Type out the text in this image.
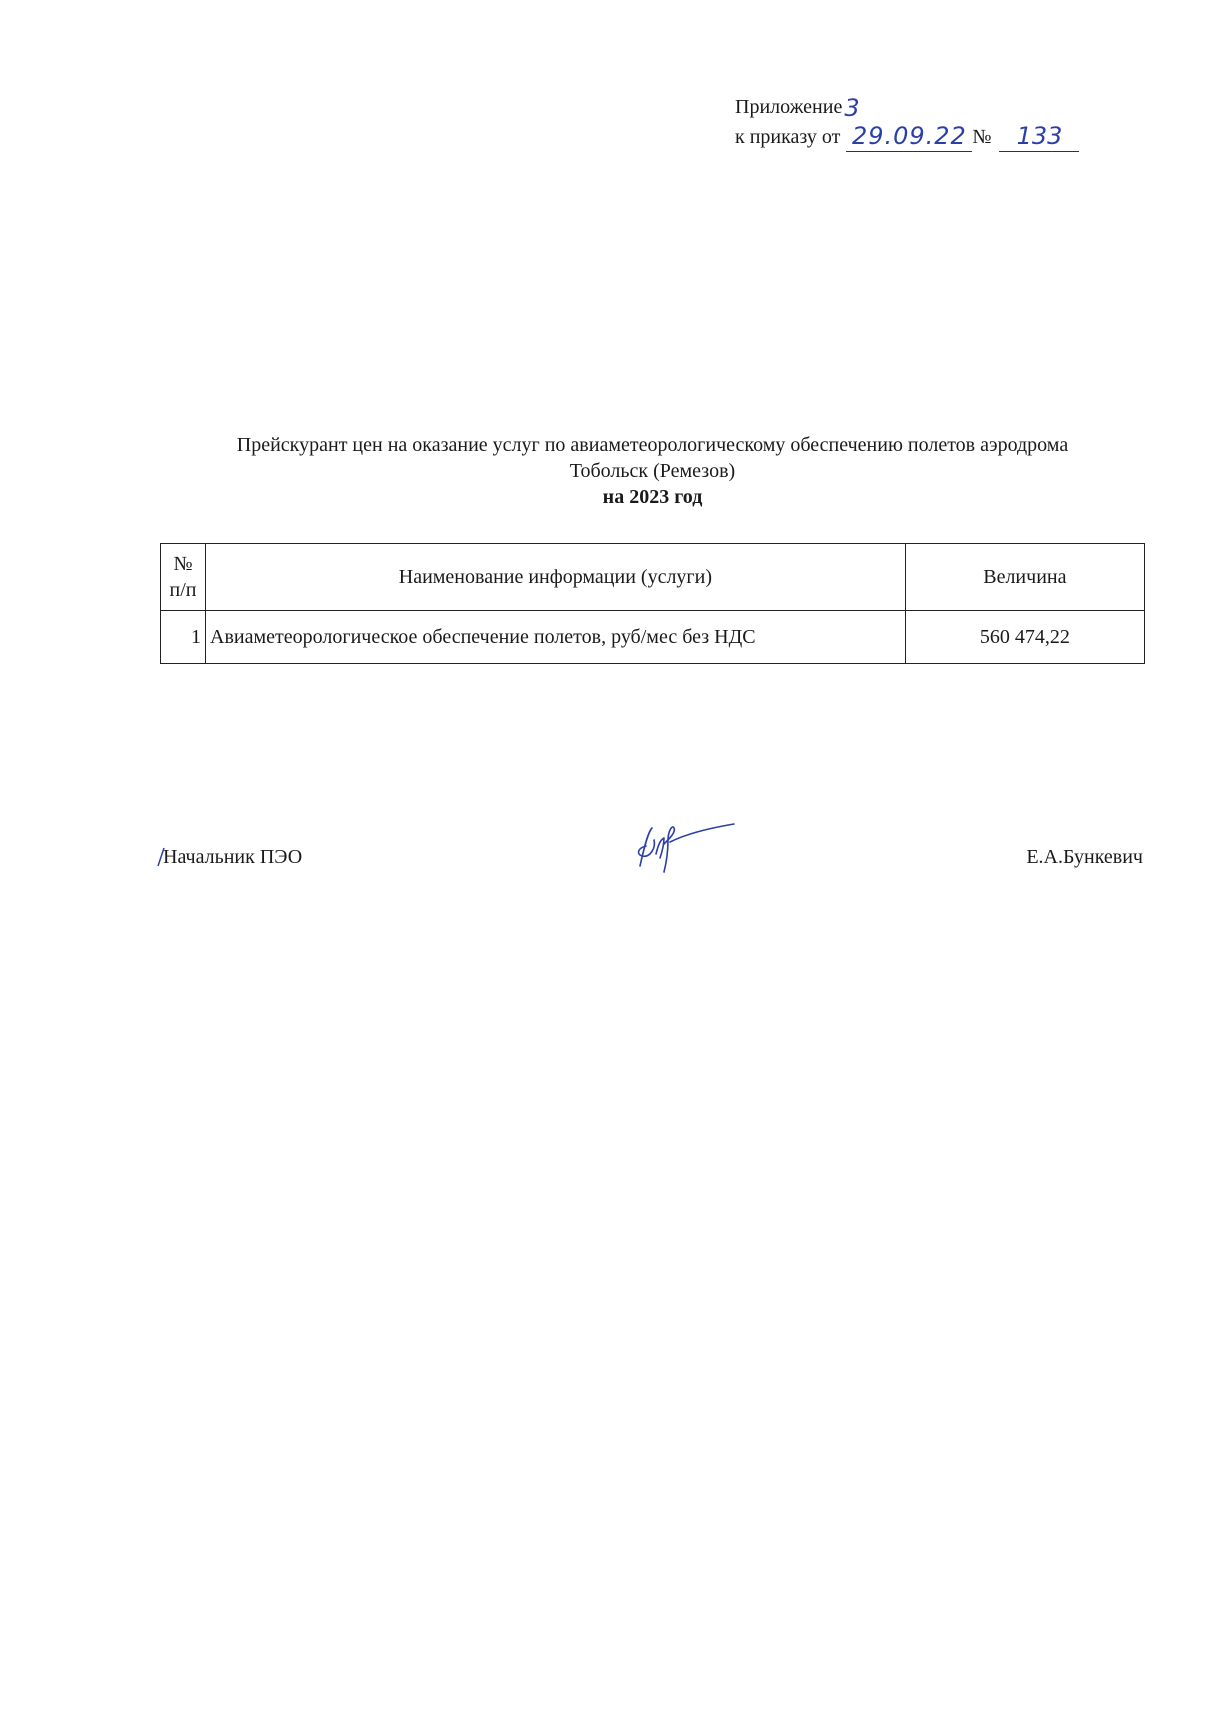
Приложение 3
к приказу от 29.09.22 №	133
Прейскурант цен на оказание услуг по авиаметеорологическому обеспечению полетов аэродрома
Тобольск (Ремезов)
на 2023 год
№
п/п	Наименование информации (услуги)	Величина
1	Авиаметеорологическое обеспечение полетов, руб/мес без НДС	560 474,22
Начальник ПЭО	Е.А.Бункевич
